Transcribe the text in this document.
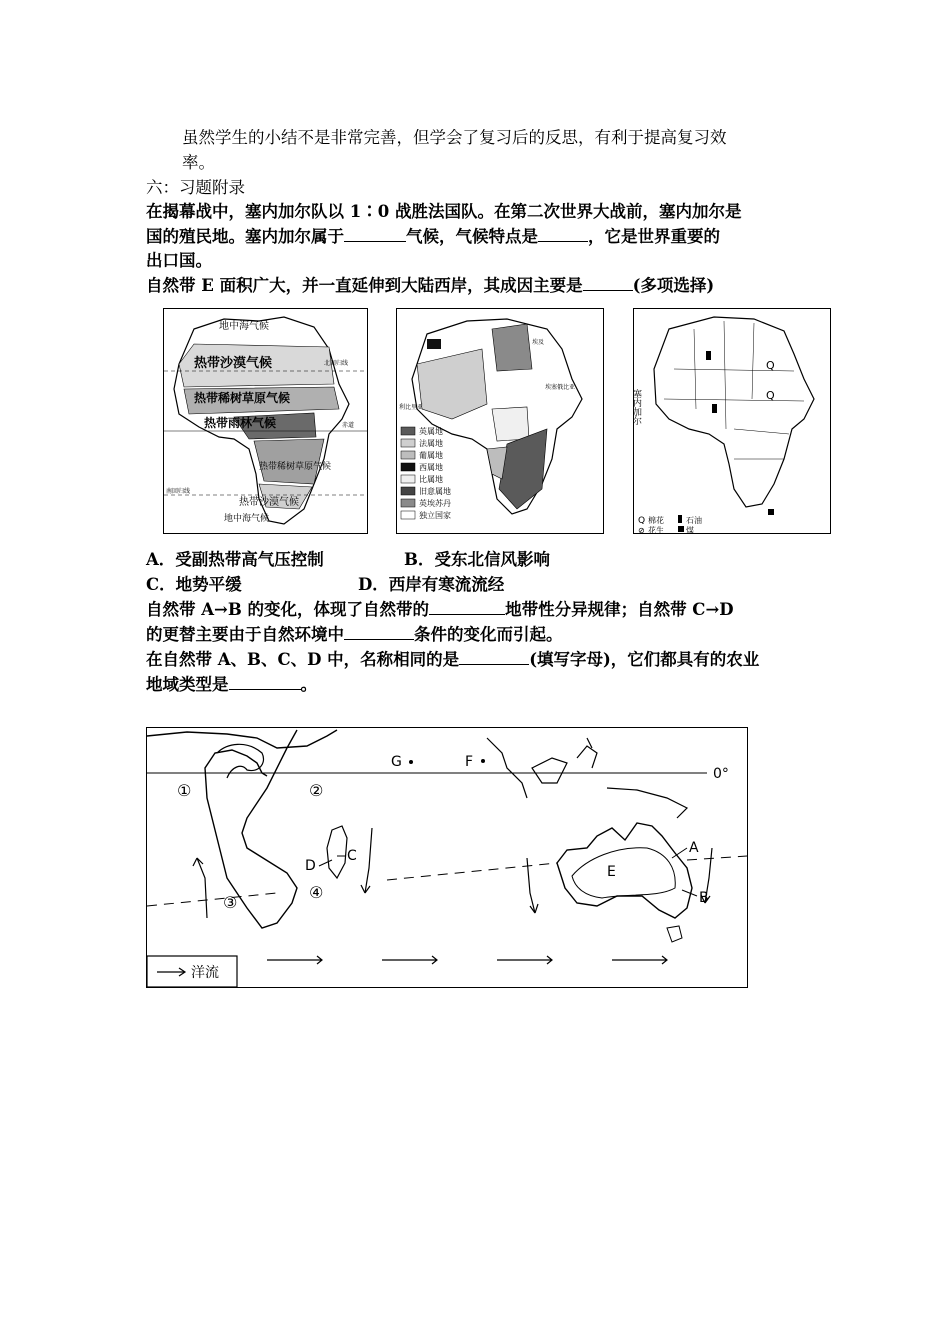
虽然学生的小结不是非常完善，但学会了复习后的反思，有利于提高复习效
率。
六：习题附录
在揭幕战中，塞内加尔队以 1∶0 战胜法国队。在第二次世界大战前，塞内加尔是
国的殖民地。塞内加尔属于	气候，气候特点是	，它是世界重要的
出口国。
自然带 E 面积广大，并一直延伸到大陆西岸，其成因主要是	(多项选择)
地中海气候
热带沙漠气候
热带稀树草原气候
热带雨林气候
热带稀树草原气候
热带沙漠气候
地中海气候
北回归线
赤道
南回归线
埃及
利比里亚
埃塞俄比亚
英属地
法属地
葡属地
西属地
比属地
旧意属地
英埃苏丹
独立国家
Q
Q
塞内加尔
Q 棉花	石油
⊘ 花生	煤
A．受副热带高气压控制	B．受东北信风影响
C．地势平缓	D．西岸有寒流流经
自然带 A→B 的变化，体现了自然带的	地带性分异规律；自然带 C→D
的更替主要由于自然环境中	条件的变化而引起。
在自然带 A、B、C、D 中，名称相同的是	(填写字母)，它们都具有的农业
地域类型是	。
0°
①	②
③
④
G	F
A
B
C
D	E
洋流
